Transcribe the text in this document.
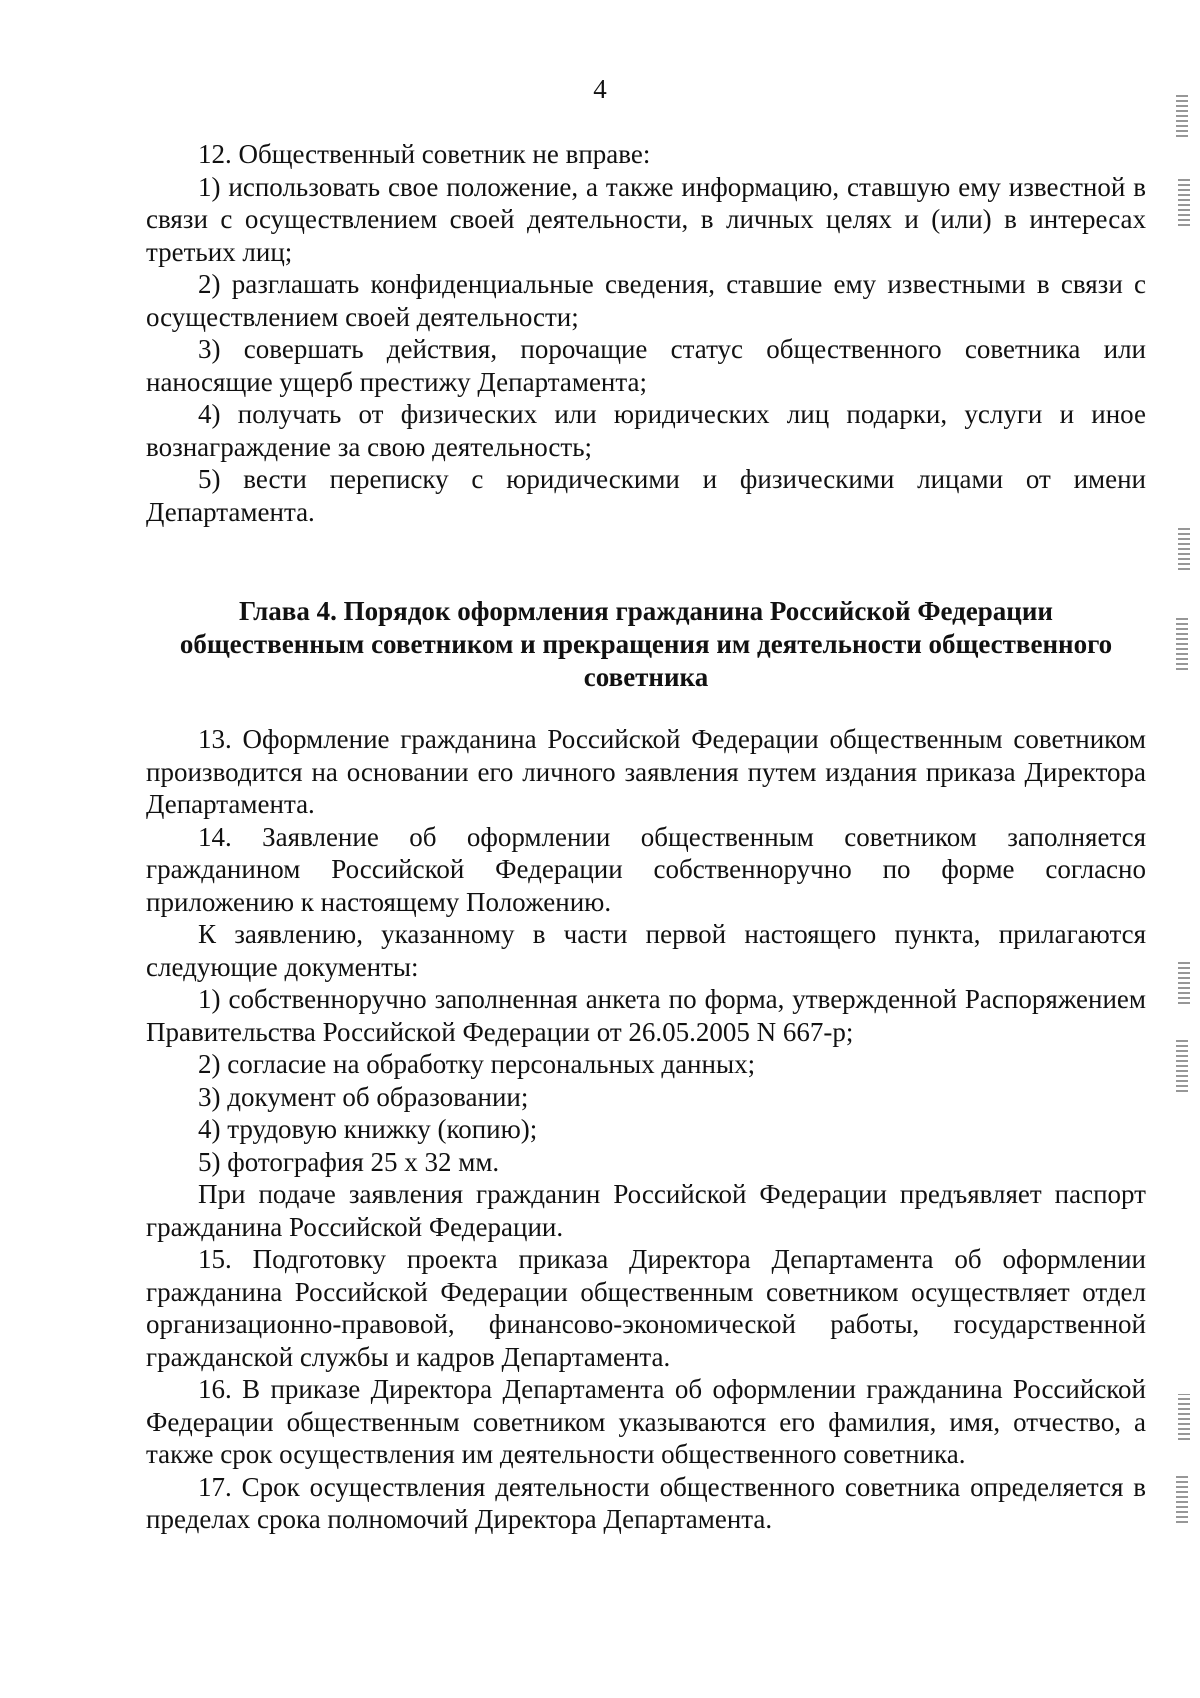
4

12. Общественный советник не вправе:

1) использовать свое положение, а также информацию, ставшую ему известной в связи с осуществлением своей деятельности, в личных целях и (или) в интересах третьих лиц;

2) разглашать конфиденциальные сведения, ставшие ему известными в связи с осуществлением своей деятельности;

3) совершать действия, порочащие статус общественного советника или наносящие ущерб престижу Департамента;

4) получать от физических или юридических лиц подарки, услуги и иное вознаграждение за свою деятельность;

5) вести переписку с юридическими и физическими лицами от имени Департамента.

Глава 4. Порядок оформления гражданина Российской Федерации
общественным советником и прекращения им деятельности общественного
советника

13. Оформление гражданина Российской Федерации общественным советником производится на основании его личного заявления путем издания приказа Директора Департамента.

14. Заявление об оформлении общественным советником заполняется гражданином Российской Федерации собственноручно по форме согласно приложению к настоящему Положению.

К заявлению, указанному в части первой настоящего пункта, прилагаются следующие документы:

1) собственноручно заполненная анкета по форма, утвержденной Распоряжением Правительства Российской Федерации от 26.05.2005 N 667-р;

2) согласие на обработку персональных данных;

3) документ об образовании;

4) трудовую книжку (копию);

5) фотография 25 х 32 мм.

При подаче заявления гражданин Российской Федерации предъявляет паспорт гражданина Российской Федерации.

15. Подготовку проекта приказа Директора Департамента об оформлении гражданина Российской Федерации общественным советником осуществляет отдел организационно-правовой, финансово-экономической работы, государственной гражданской службы и кадров Департамента.

16. В приказе Директора Департамента об оформлении гражданина Российской Федерации общественным советником указываются его фамилия, имя, отчество, а также срок осуществления им деятельности общественного советника.

17. Срок осуществления деятельности общественного советника определяется в пределах срока полномочий Директора Департамента.
